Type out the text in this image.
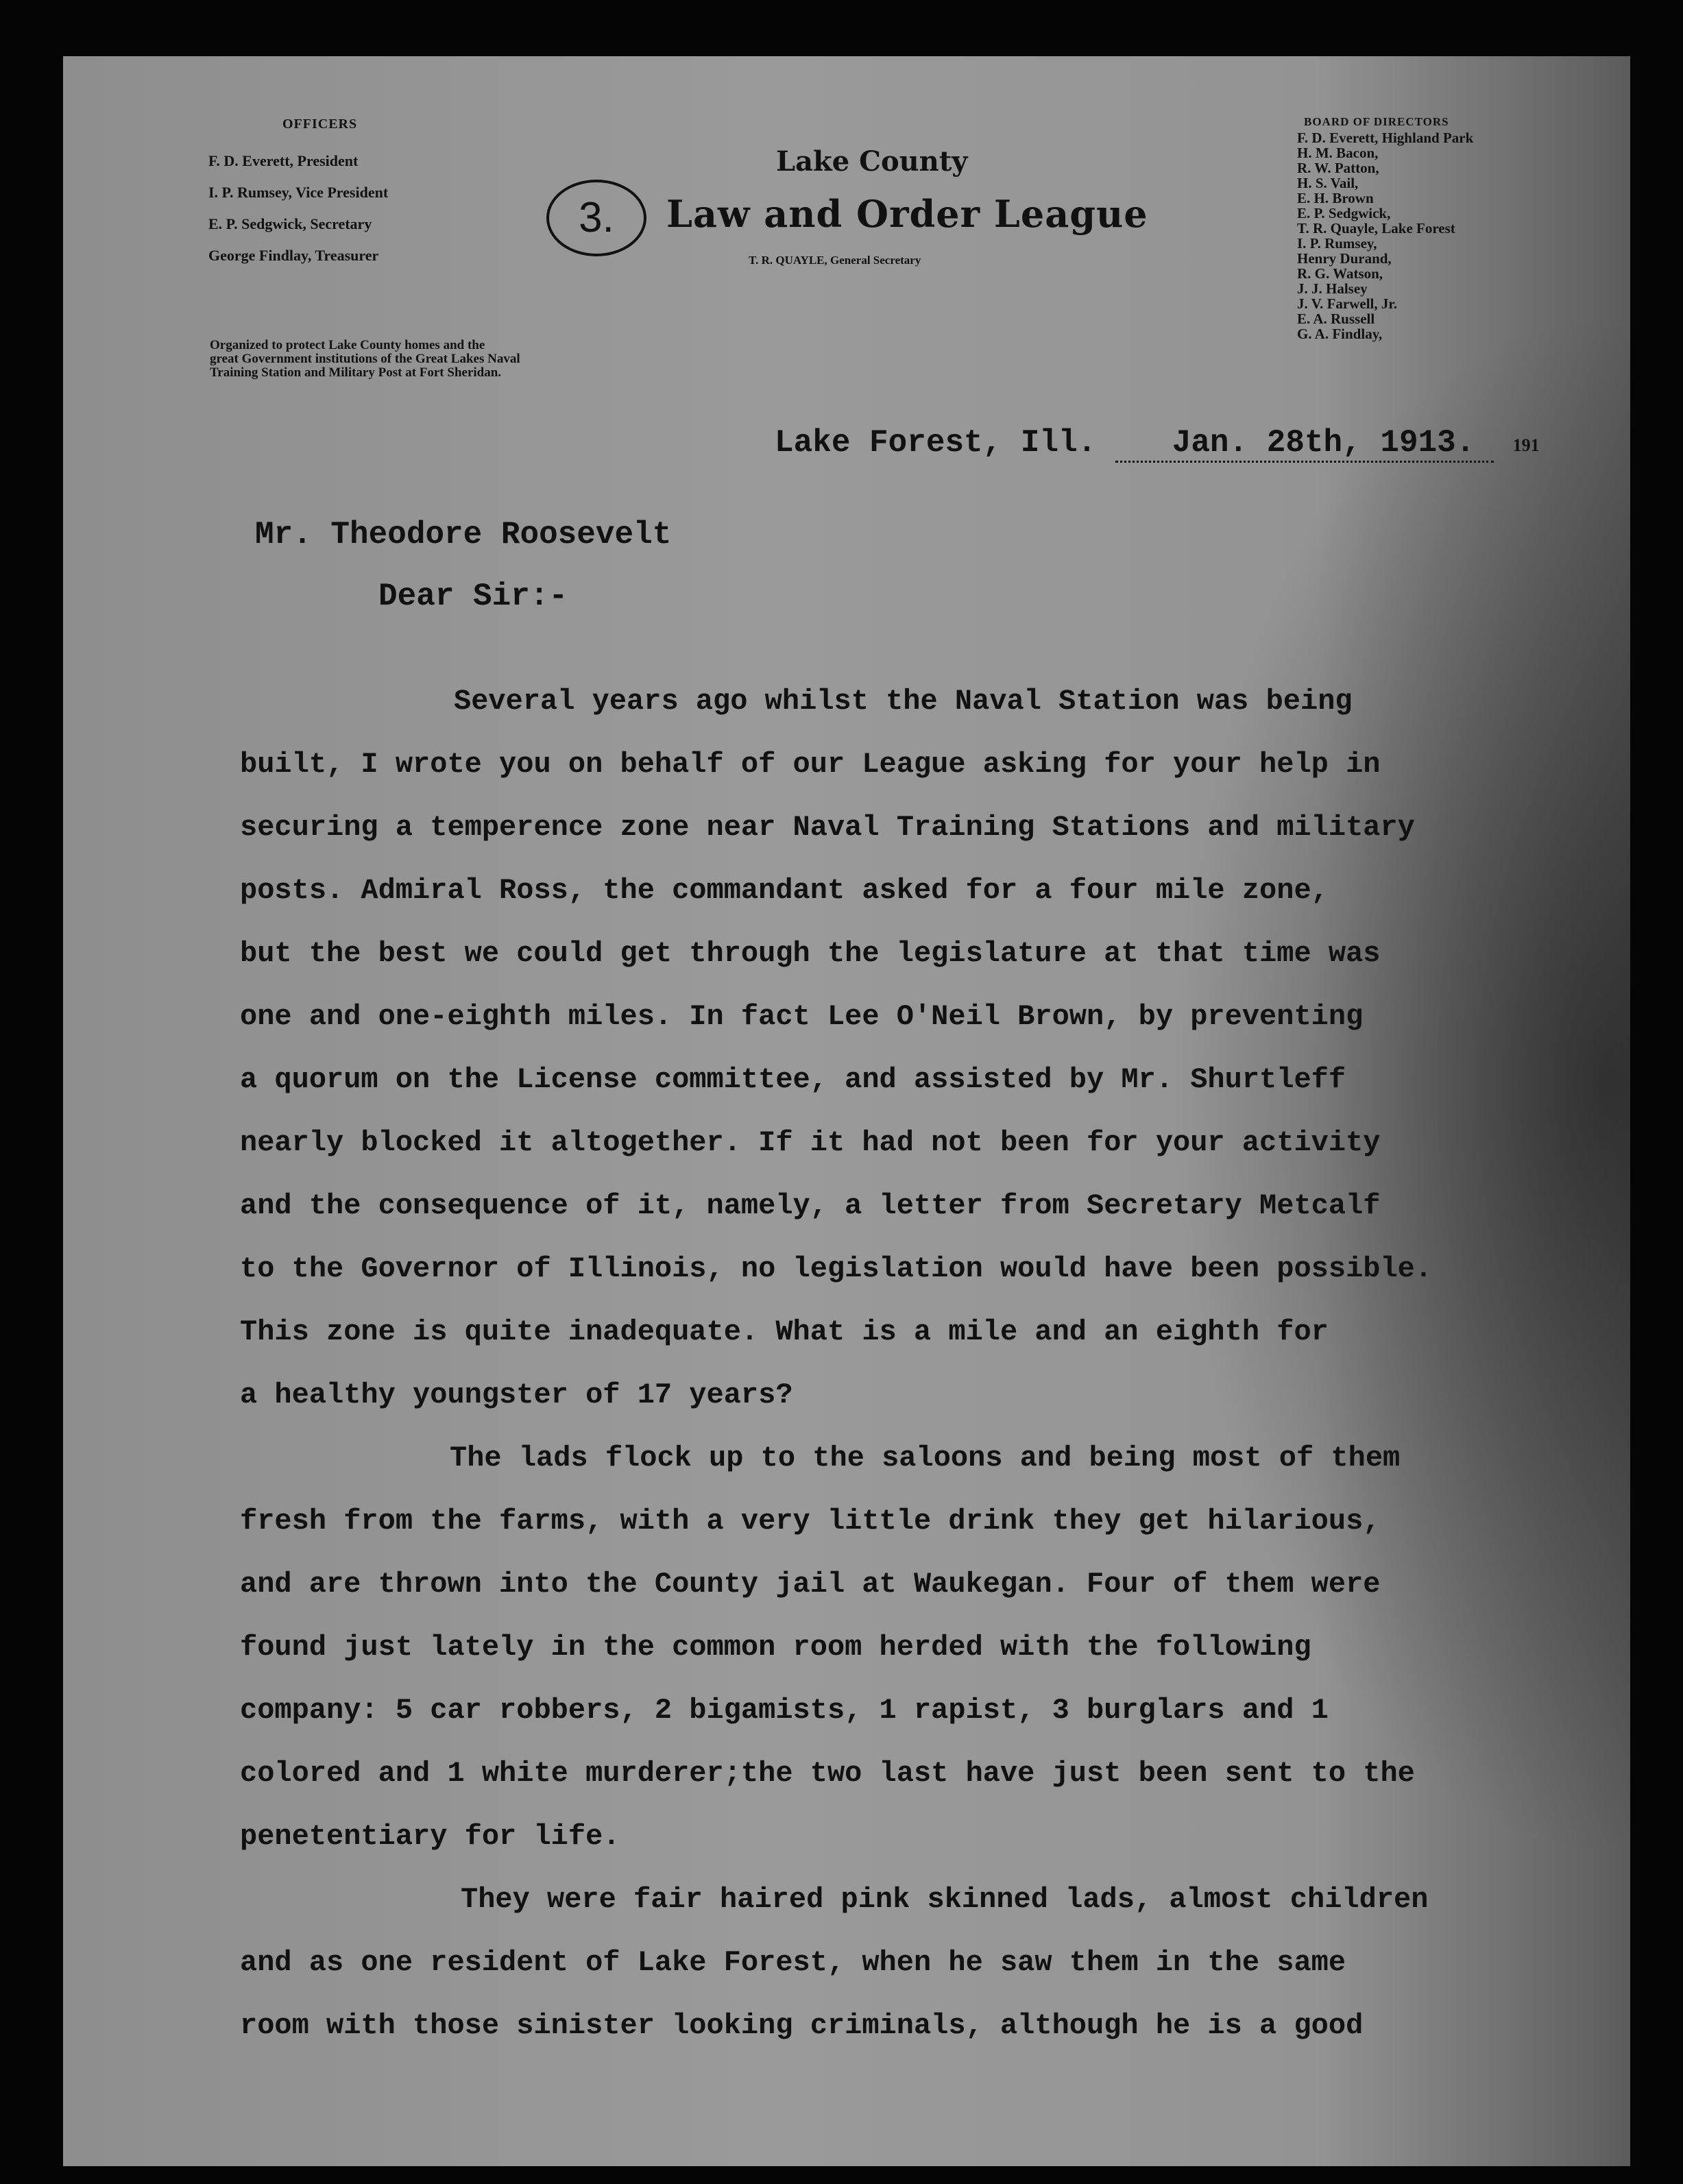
OFFICERS
F. D. Everett, President
I. P. Rumsey, Vice President
E. P. Sedgwick, Secretary
George Findlay, Treasurer
Organized to protect Lake County homes and the
great Government institutions of the Great Lakes Naval
Training Station and Military Post at Fort Sheridan.
3.
Lake County
Law and Order League
T. R. QUAYLE, General Secretary
BOARD OF DIRECTORS
F. D. Everett, Highland Park
H. M. Bacon,
R. W. Patton,
H. S. Vail,
E. H. Brown
E. P. Sedgwick,
T. R. Quayle, Lake Forest
I. P. Rumsey,
Henry Durand,
R. G. Watson,
J. J. Halsey
J. V. Farwell, Jr.
E. A. Russell
G. A. Findlay,
Lake Forest, Ill. Jan. 28th, 1913. 191
Mr. Theodore Roosevelt
Dear Sir:-
Several years ago whilst the Naval Station was being
built, I wrote you on behalf of our League asking for your help in
securing a temperence zone near Naval Training Stations and military
posts. Admiral Ross, the commandant asked for a four mile zone,
but the best we could get through the legislature at that time was
one and one-eighth miles. In fact Lee O'Neil Brown, by preventing
a quorum on the License committee, and assisted by Mr. Shurtleff
nearly blocked it altogether. If it had not been for your activity
and the consequence of it, namely, a letter from Secretary Metcalf
to the Governor of Illinois, no legislation would have been possible.
This zone is quite inadequate. What is a mile and an eighth for
a healthy youngster of 17 years?
The lads flock up to the saloons and being most of them
fresh from the farms, with a very little drink they get hilarious,
and are thrown into the County jail at Waukegan. Four of them were
found just lately in the common room herded with the following
company: 5 car robbers, 2 bigamists, 1 rapist, 3 burglars and 1
colored and 1 white murderer;the two last have just been sent to the
penetentiary for life.
They were fair haired pink skinned lads, almost children
and as one resident of Lake Forest, when he saw them in the same
room with those sinister looking criminals, although he is a good
